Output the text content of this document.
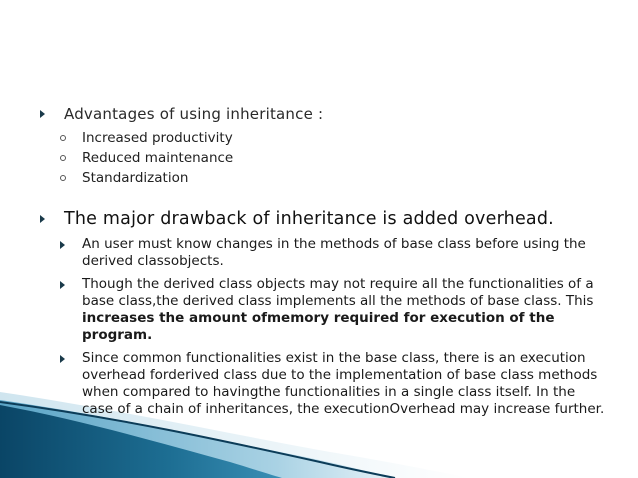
Advantages of using inheritance :
Increased productivity
Reduced maintenance
Standardization
The major drawback of inheritance is added overhead.
An user must know changes in the methods of base class before using the derived classobjects.
Though the derived class objects may not require all the functionalities of a base class,the derived class implements all the methods of base class. This increases the amount ofmemory required for execution of the program.
Since common functionalities exist in the base class, there is an execution overhead forderived class due to the implementation of base class methods when compared to havingthe functionalities in a single class itself. In the case of a chain of inheritances, the executionOverhead may increase further.
